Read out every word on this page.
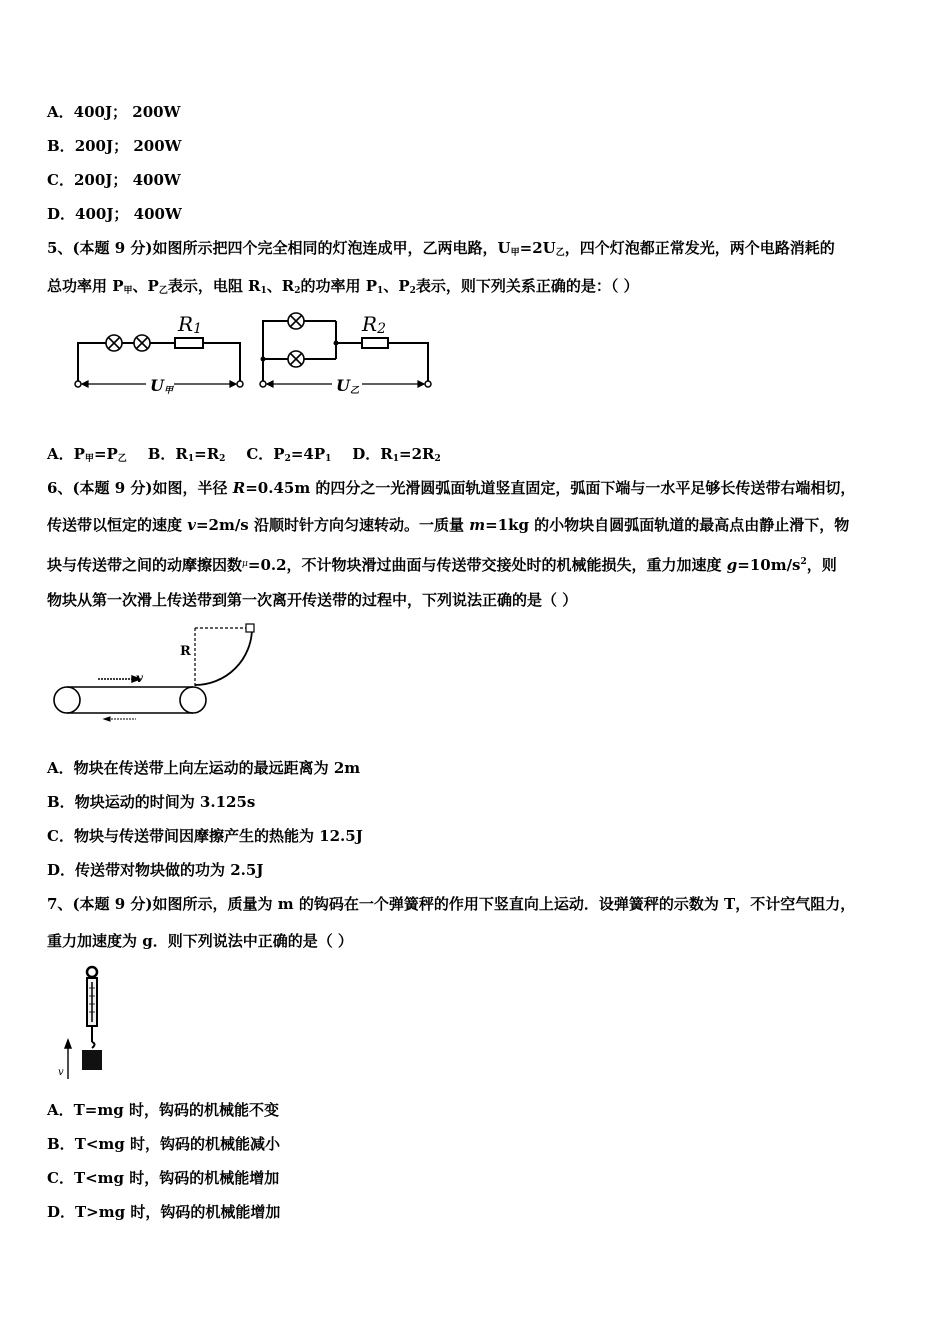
A．400J； 200W
B．200J； 200W
C．200J； 400W
D．400J； 400W
5、(本题 9 分)如图所示把四个完全相同的灯泡连成甲，乙两电路，$U_甲=2U_乙$，四个灯泡都正常发光，两个电路消耗的
总功率用 $P_甲$、$P_乙$表示，电阻 $R_1$、$R_2$的功率用 $P_1$、$P_2$表示，则下列关系正确的是：（ ）
R1
U甲
R2
U乙
A．$P_甲=P_乙$ B．$R_1=R_2$ C．$P_2=4P_1$ D．$R_1=2R_2$
6、(本题 9 分)如图，半径 R=0.45m 的四分之一光滑圆弧面轨道竖直固定，弧面下端与一水平足够长传送带右端相切，
传送带以恒定的速度 v=2m/s 沿顺时针方向匀速转动。一质量 m=1kg 的小物块自圆弧面轨道的最高点由静止滑下，物
块与传送带之间的动摩擦因数$^\mu$=0.2，不计物块滑过曲面与传送带交接处时的机械能损失，重力加速度 $g=10m/s^2$，则
物块从第一次滑上传送带到第一次离开传送带的过程中，下列说法正确的是（ ）
R
v
A．物块在传送带上向左运动的最远距离为 2m
B．物块运动的时间为 3.125s
C．物块与传送带间因摩擦产生的热能为 12.5J
D．传送带对物块做的功为 2.5J
7、(本题 9 分)如图所示，质量为 m 的钩码在一个弹簧秤的作用下竖直向上运动．设弹簧秤的示数为 T，不计空气阻力，
重力加速度为 g．则下列说法中正确的是（ ）
v
A．T=mg 时，钩码的机械能不变
B．T<mg 时，钩码的机械能减小
C．T<mg 时，钩码的机械能增加
D．T>mg 时，钩码的机械能增加
